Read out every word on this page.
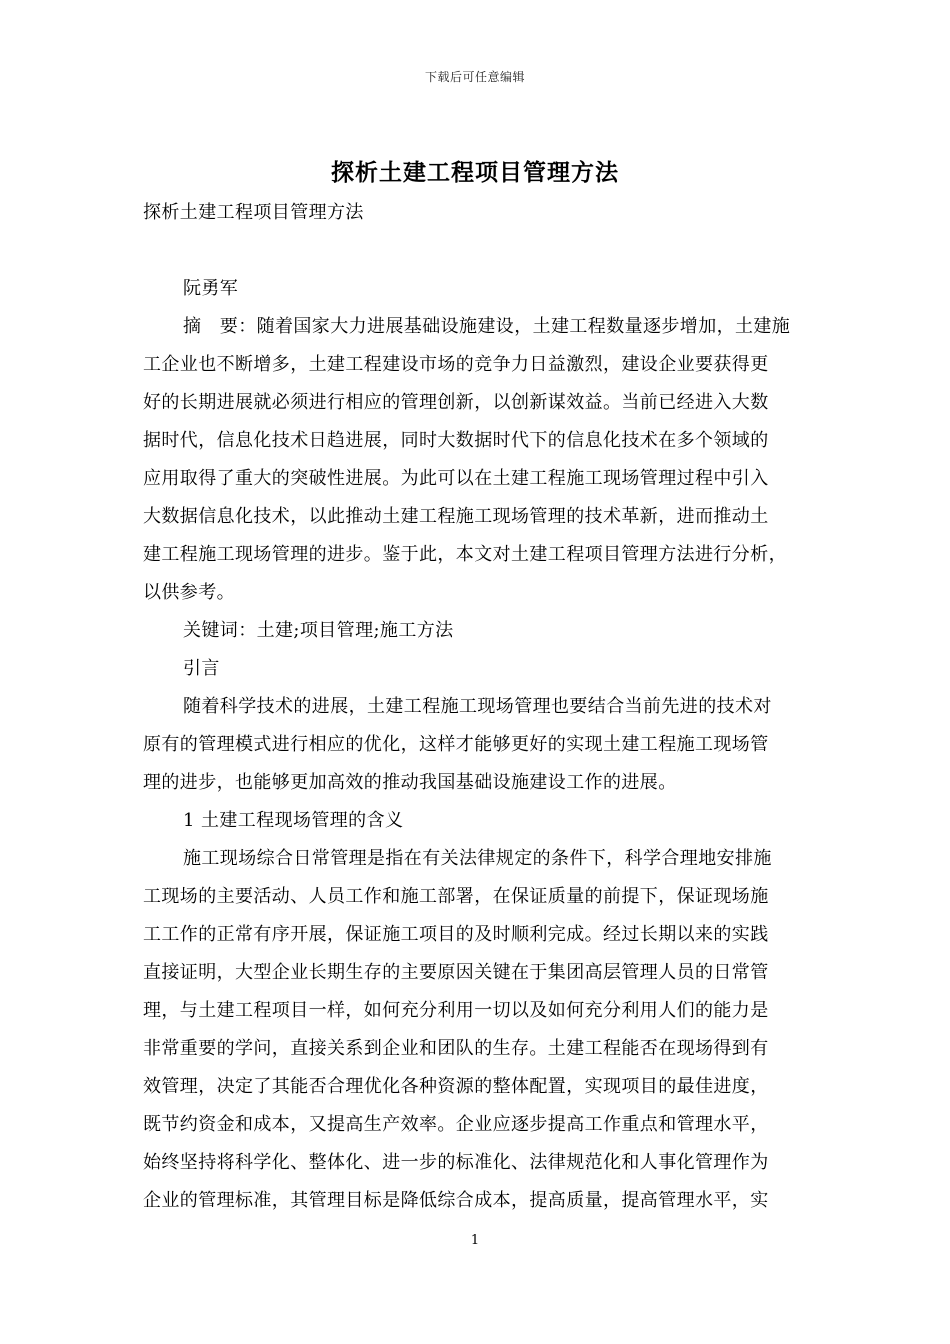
下载后可任意编辑
探析土建工程项目管理方法
探析土建工程项目管理方法
阮勇军
摘　要：随着国家大力进展基础设施建设，土建工程数量逐步增加，土建施
工企业也不断增多，土建工程建设市场的竞争力日益激烈，建设企业要获得更
好的长期进展就必须进行相应的管理创新，以创新谋效益。当前已经进入大数
据时代，信息化技术日趋进展，同时大数据时代下的信息化技术在多个领域的
应用取得了重大的突破性进展。为此可以在土建工程施工现场管理过程中引入
大数据信息化技术，以此推动土建工程施工现场管理的技术革新，进而推动土
建工程施工现场管理的进步。鉴于此，本文对土建工程项目管理方法进行分析，
以供参考。
关键词：土建;项目管理;施工方法
引言
随着科学技术的进展，土建工程施工现场管理也要结合当前先进的技术对
原有的管理模式进行相应的优化，这样才能够更好的实现土建工程施工现场管
理的进步，也能够更加高效的推动我国基础设施建设工作的进展。
1 土建工程现场管理的含义
施工现场综合日常管理是指在有关法律规定的条件下，科学合理地安排施
工现场的主要活动、人员工作和施工部署，在保证质量的前提下，保证现场施
工工作的正常有序开展，保证施工项目的及时顺利完成。经过长期以来的实践
直接证明，大型企业长期生存的主要原因关键在于集团高层管理人员的日常管
理，与土建工程项目一样，如何充分利用一切以及如何充分利用人们的能力是
非常重要的学问，直接关系到企业和团队的生存。土建工程能否在现场得到有
效管理，决定了其能否合理优化各种资源的整体配置，实现项目的最佳进度，
既节约资金和成本，又提高生产效率。企业应逐步提高工作重点和管理水平，
始终坚持将科学化、整体化、进一步的标准化、法律规范化和人事化管理作为
企业的管理标准，其管理目标是降低综合成本，提高质量，提高管理水平，实
1
